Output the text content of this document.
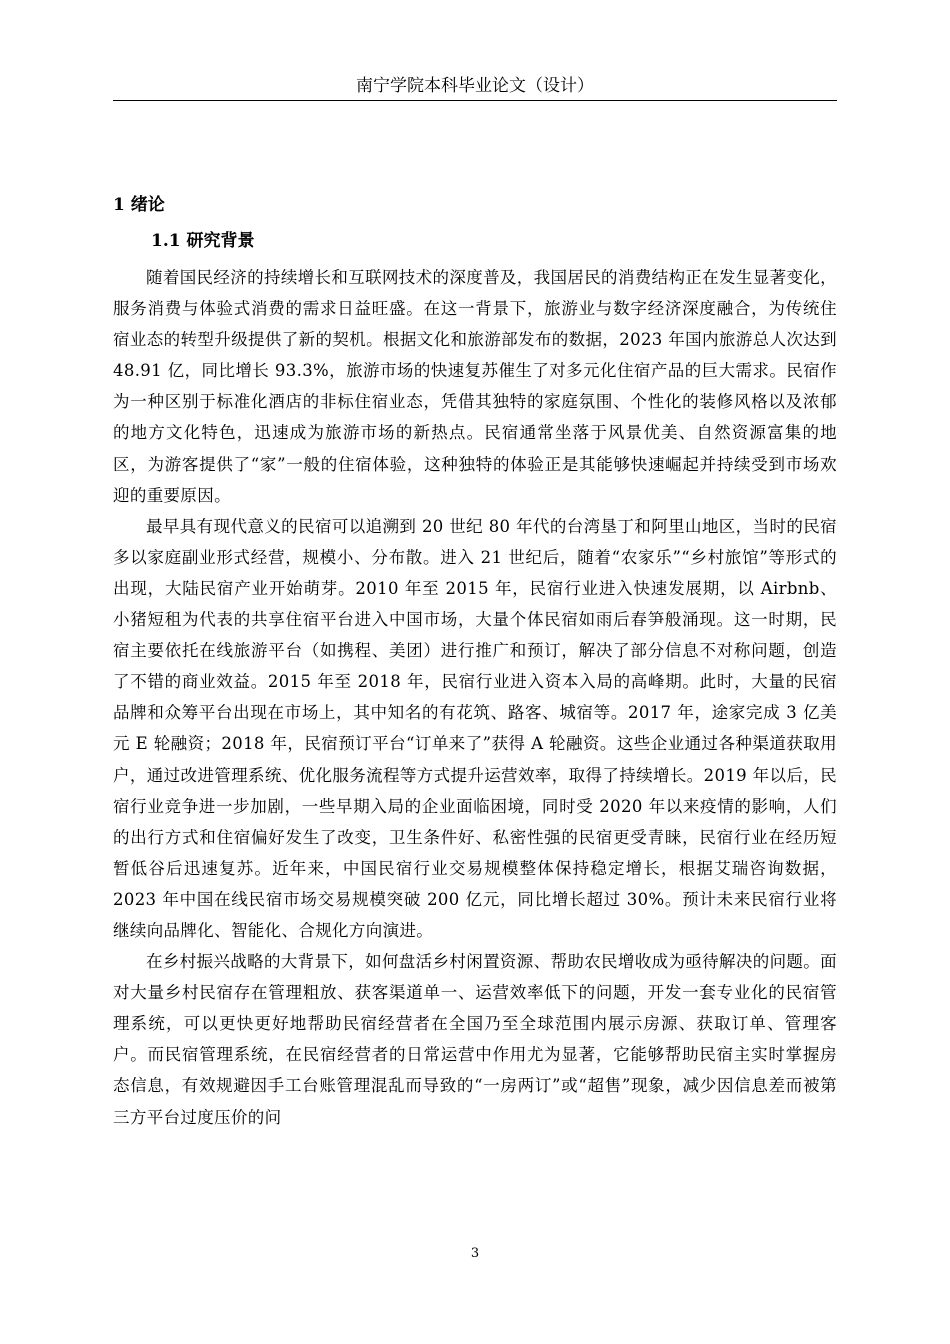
南宁学院本科毕业论文（设计）
1 绪论
1.1 研究背景

随着国民经济的持续增长和互联网技术的深度普及，我国居民的消费结构正在发生显著变化，服务消费与体验式消费的需求日益旺盛。在这一背景下，旅游业与数字经济深度融合，为传统住宿业态的转型升级提供了新的契机。根据文化和旅游部发布的数据，2023 年国内旅游总人次达到 48.91 亿，同比增长 93.3%，旅游市场的快速复苏催生了对多元化住宿产品的巨大需求。民宿作为一种区别于标准化酒店的非标住宿业态，凭借其独特的家庭氛围、个性化的装修风格以及浓郁的地方文化特色，迅速成为旅游市场的新热点。民宿通常坐落于风景优美、自然资源富集的地区，为游客提供了“家”一般的住宿体验，这种独特的体验正是其能够快速崛起并持续受到市场欢迎的重要原因。

最早具有现代意义的民宿可以追溯到 20 世纪 80 年代的台湾垦丁和阿里山地区，当时的民宿多以家庭副业形式经营，规模小、分布散。进入 21 世纪后，随着“农家乐”“乡村旅馆”等形式的出现，大陆民宿产业开始萌芽。2010 年至 2015 年，民宿行业进入快速发展期，以 Airbnb、小猪短租为代表的共享住宿平台进入中国市场，大量个体民宿如雨后春笋般涌现。这一时期，民宿主要依托在线旅游平台（如携程、美团）进行推广和预订，解决了部分信息不对称问题，创造了不错的商业效益。2015 年至 2018 年，民宿行业进入资本入局的高峰期。此时，大量的民宿品牌和众筹平台出现在市场上，其中知名的有花筑、路客、城宿等。2017 年，途家完成 3 亿美元 E 轮融资；2018 年，民宿预订平台“订单来了”获得 A 轮融资。这些企业通过各种渠道获取用户，通过改进管理系统、优化服务流程等方式提升运营效率，取得了持续增长。2019 年以后，民宿行业竞争进一步加剧，一些早期入局的企业面临困境，同时受 2020 年以来疫情的影响，人们的出行方式和住宿偏好发生了改变，卫生条件好、私密性强的民宿更受青睐，民宿行业在经历短暂低谷后迅速复苏。近年来，中国民宿行业交易规模整体保持稳定增长，根据艾瑞咨询数据，2023 年中国在线民宿市场交易规模突破 200 亿元，同比增长超过 30%。预计未来民宿行业将继续向品牌化、智能化、合规化方向演进。

在乡村振兴战略的大背景下，如何盘活乡村闲置资源、帮助农民增收成为亟待解决的问题。面对大量乡村民宿存在管理粗放、获客渠道单一、运营效率低下的问题，开发一套专业化的民宿管理系统，可以更快更好地帮助民宿经营者在全国乃至全球范围内展示房源、获取订单、管理客户。而民宿管理系统，在民宿经营者的日常运营中作用尤为显著，它能够帮助民宿主实时掌握房态信息，有效规避因手工台账管理混乱而导致的“一房两订”或“超售”现象，减少因信息差而被第三方平台过度压价的问

3
